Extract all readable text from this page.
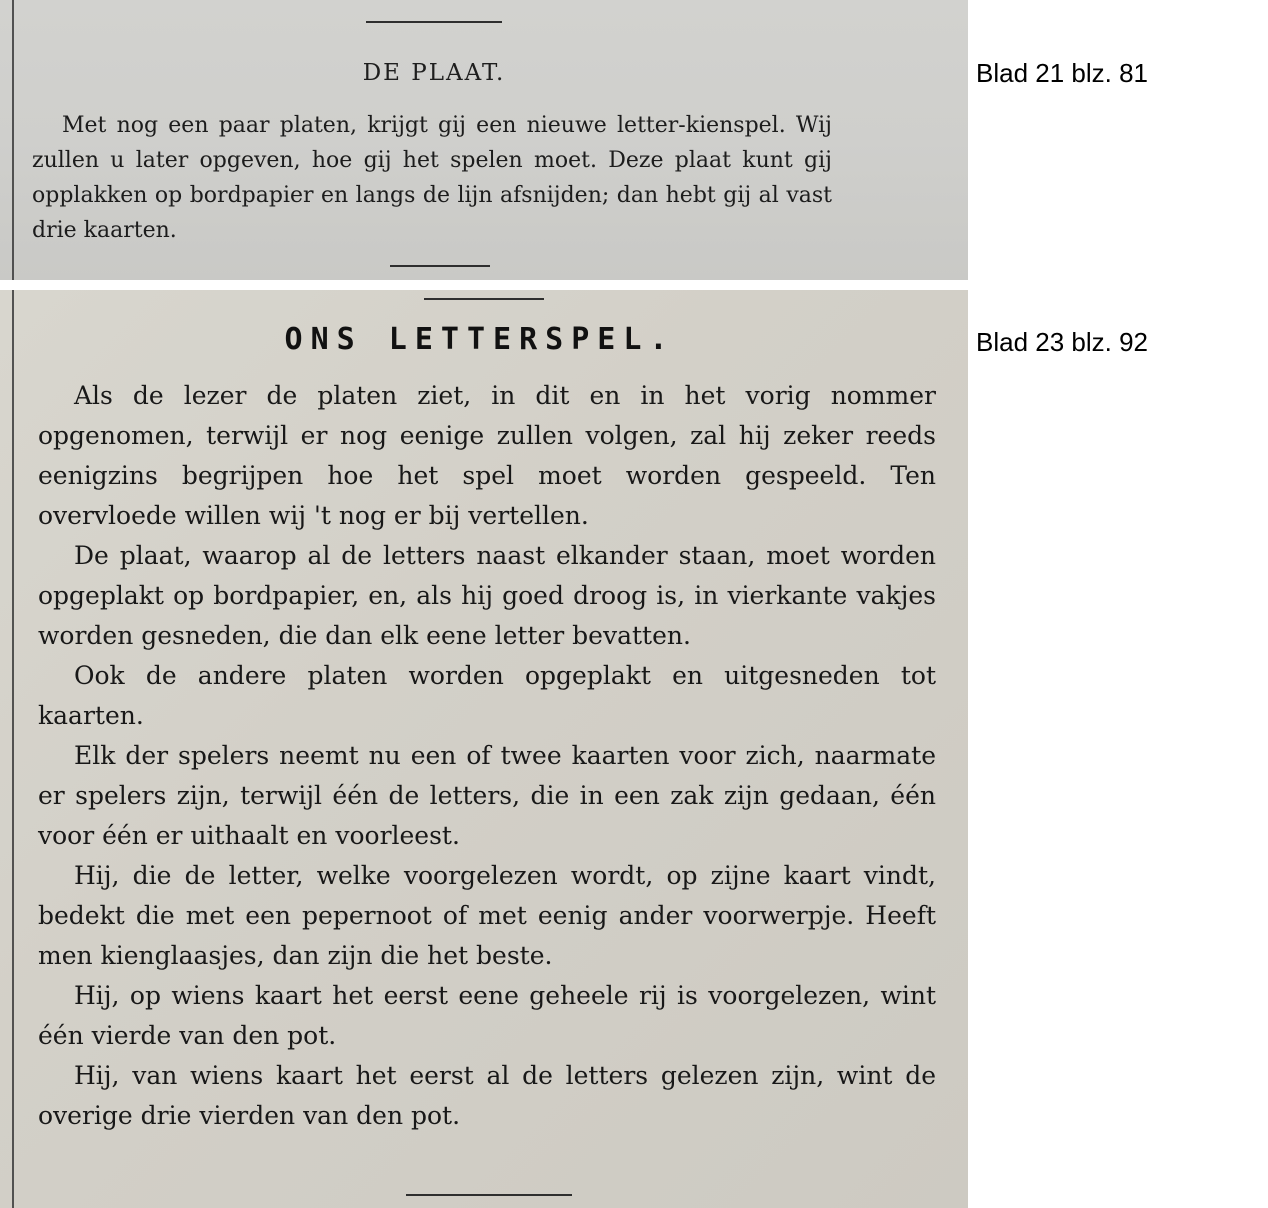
DE PLAAT.

Met nog een paar platen, krijgt gij een nieuwe letter-kienspel. Wij zullen u later opgeven, hoe gij het spelen moet. Deze plaat kunt gij opplakken op bordpapier en langs de lijn afsnijden; dan hebt gij al vast drie kaarten.

ONS LETTERSPEL.

Als de lezer de platen ziet, in dit en in het vorig nommer opgenomen, terwijl er nog eenige zullen volgen, zal hij zeker reeds eenigzins begrijpen hoe het spel moet worden gespeeld. Ten overvloede willen wij 't nog er bij vertellen.

De plaat, waarop al de letters naast elkander staan, moet worden opgeplakt op bordpapier, en, als hij goed droog is, in vierkante vakjes worden gesneden, die dan elk eene letter bevatten.

Ook de andere platen worden opgeplakt en uitgesneden tot kaarten.

Elk der spelers neemt nu een of twee kaarten voor zich, naarmate er spelers zijn, terwijl één de letters, die in een zak zijn gedaan, één voor één er uithaalt en voorleest.

Hij, die de letter, welke voorgelezen wordt, op zijne kaart vindt, bedekt die met een pepernoot of met eenig ander voorwerpje. Heeft men kienglaasjes, dan zijn die het beste.

Hij, op wiens kaart het eerst eene geheele rij is voorgelezen, wint één vierde van den pot.

Hij, van wiens kaart het eerst al de letters gelezen zijn, wint de overige drie vierden van den pot.

Blad 21 blz. 81
Blad 23 blz. 92
